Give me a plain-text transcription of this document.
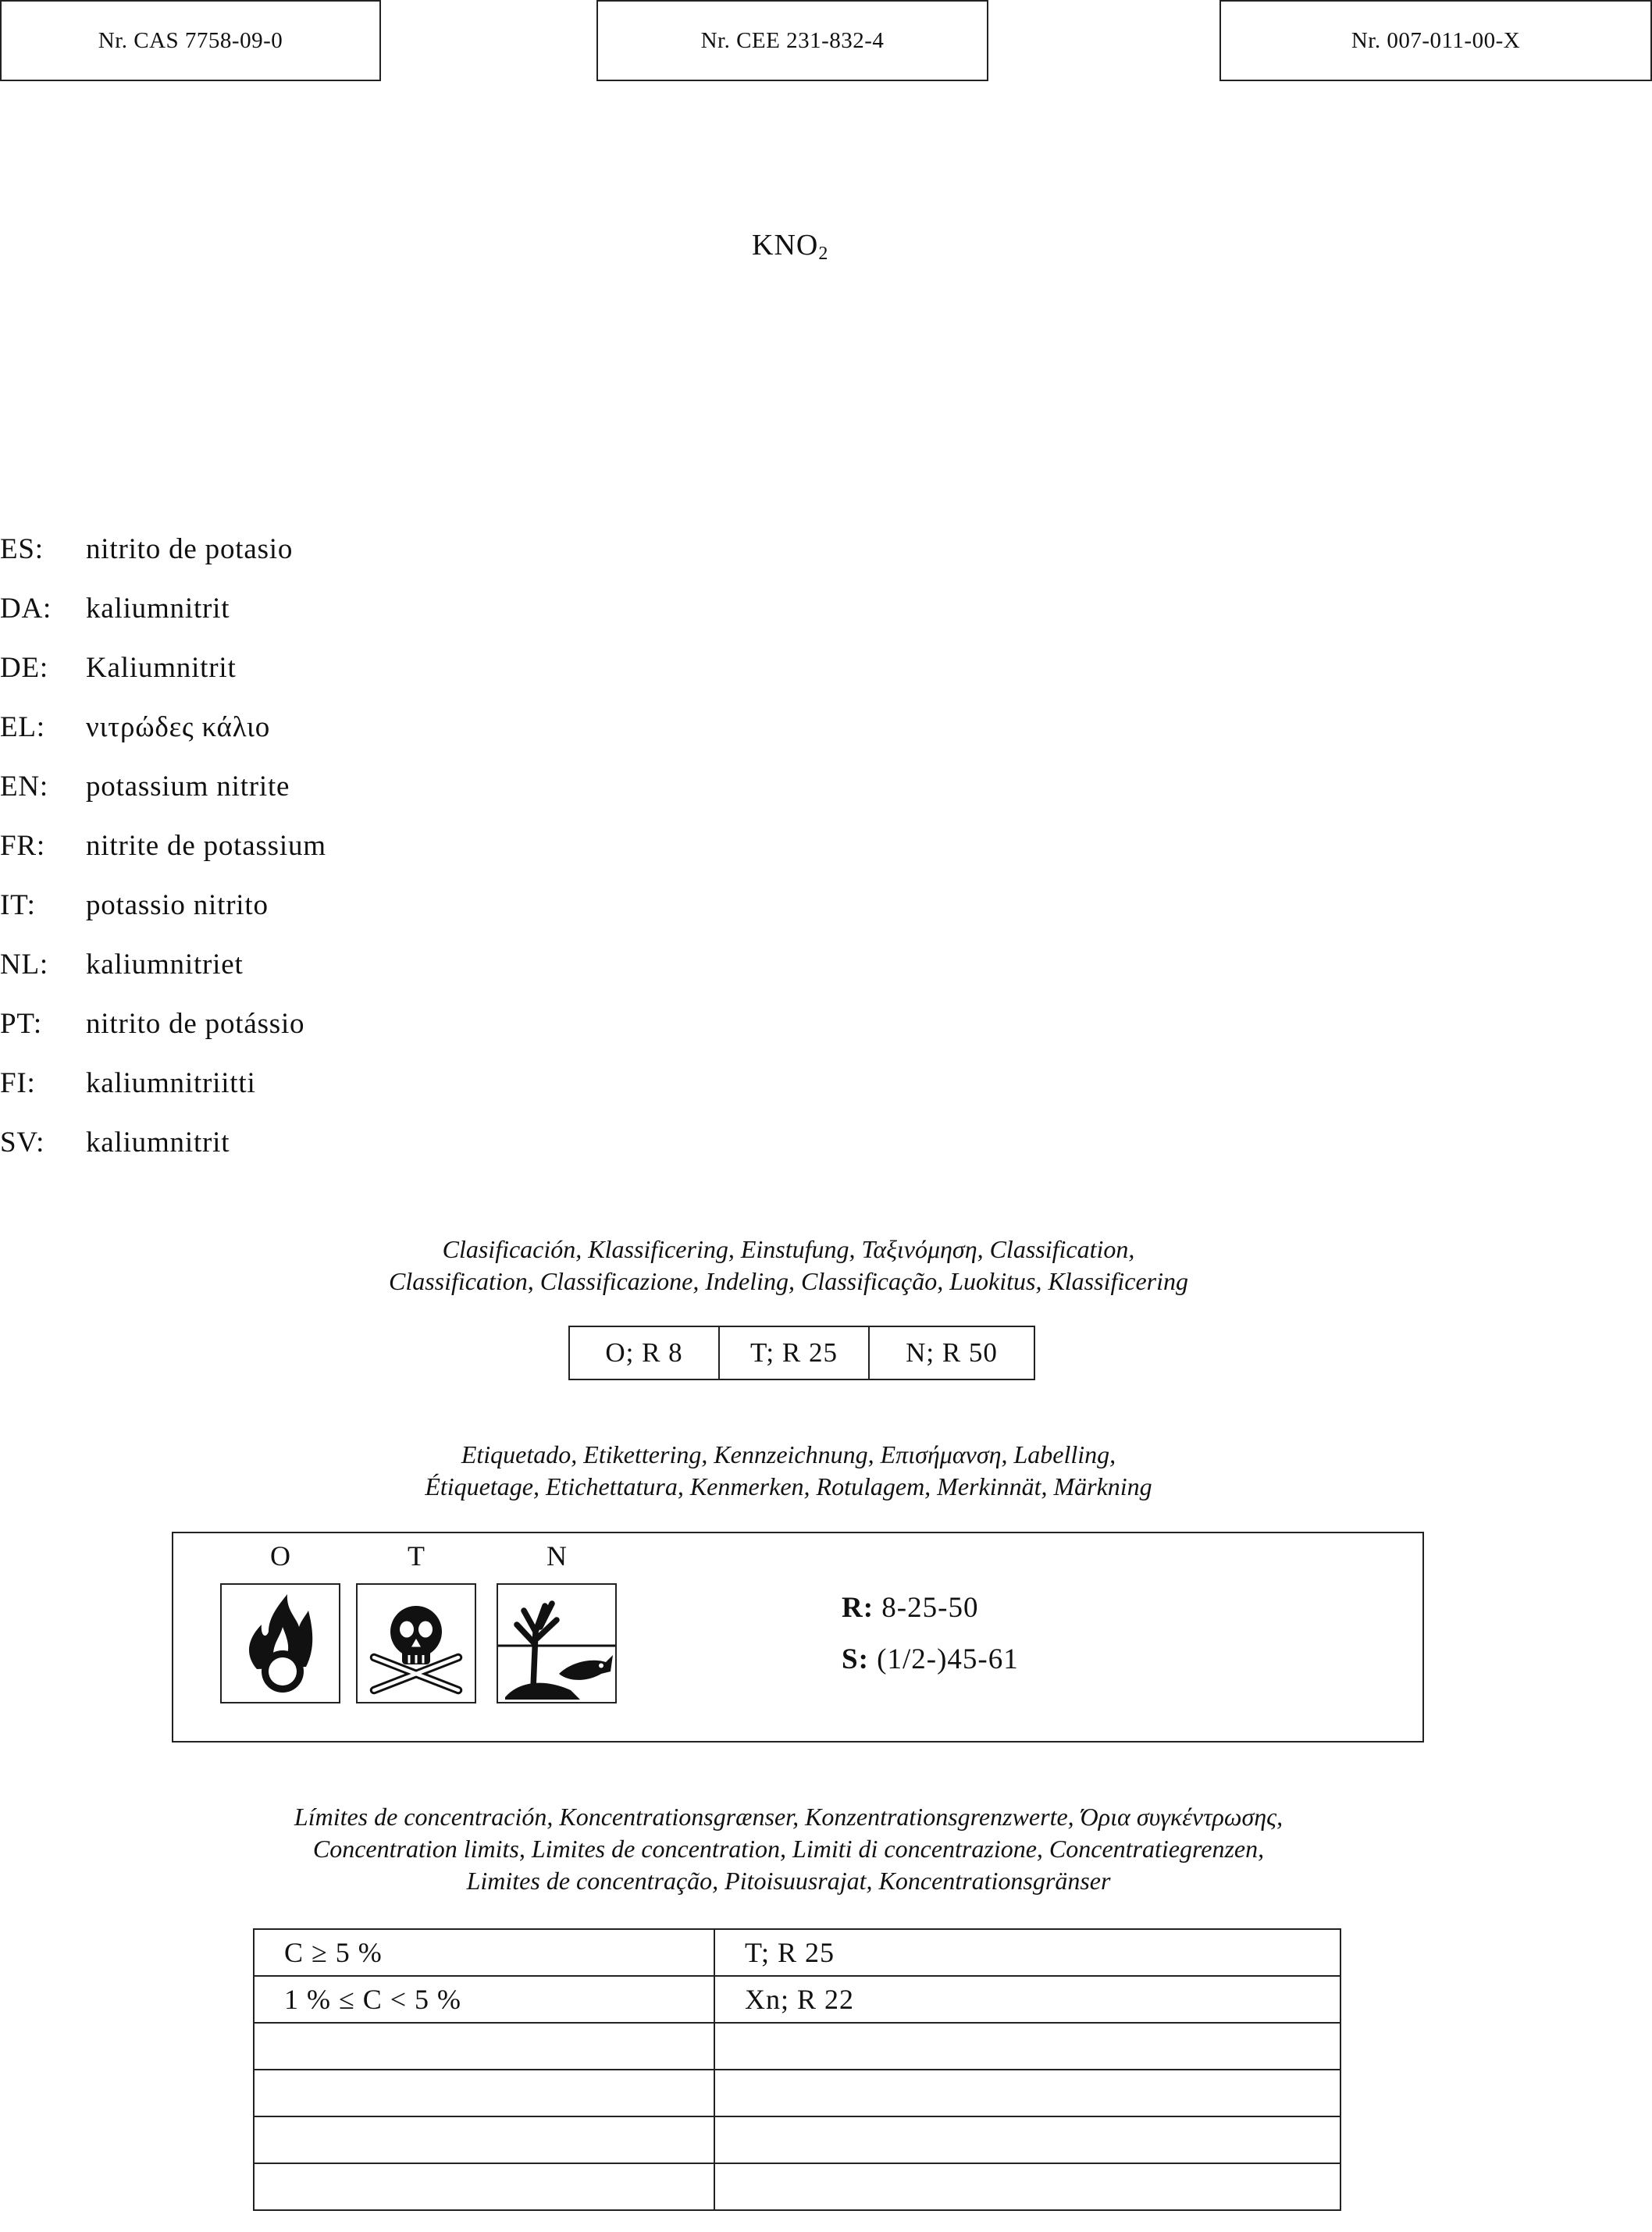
Nr. CAS 7758-09-0	Nr. CEE 231-832-4	Nr. 007-011-00-X
$KNO_2$
ES:	nitrito de potasio
DA:	kaliumnitrit
DE:	Kaliumnitrit
EL:	νιτρώδες κάλιο
EN:	potassium nitrite
FR:	nitrite de potassium
IT:	potassio nitrito
NL:	kaliumnitriet
PT:	nitrito de potássio
FI:	kaliumnitriitti
SV:	kaliumnitrit
Clasificación, Klassificering, Einstufung, Ταξινόμηση, Classification,
Classification, Classificazione, Indeling, Classificação, Luokitus, Klassificering
O; R 8	T; R 25	N; R 50
Etiquetado, Etikettering, Kennzeichnung, Επισήμανση, Labelling,
Étiquetage, Etichettatura, Kenmerken, Rotulagem, Merkinnät, Märkning
O	T	N
R: 8-25-50
S: (1/2-)45-61
Límites de concentración, Koncentrationsgrænser, Konzentrationsgrenzwerte, Όρια συγκέντρωσης,
Concentration limits, Limites de concentration, Limiti di concentrazione, Concentratiegrenzen,
Limites de concentração, Pitoisuusrajat, Koncentrationsgränser
C ≥ 5 %	T; R 25
1 % ≤ C < 5 %	Xn; R 22
